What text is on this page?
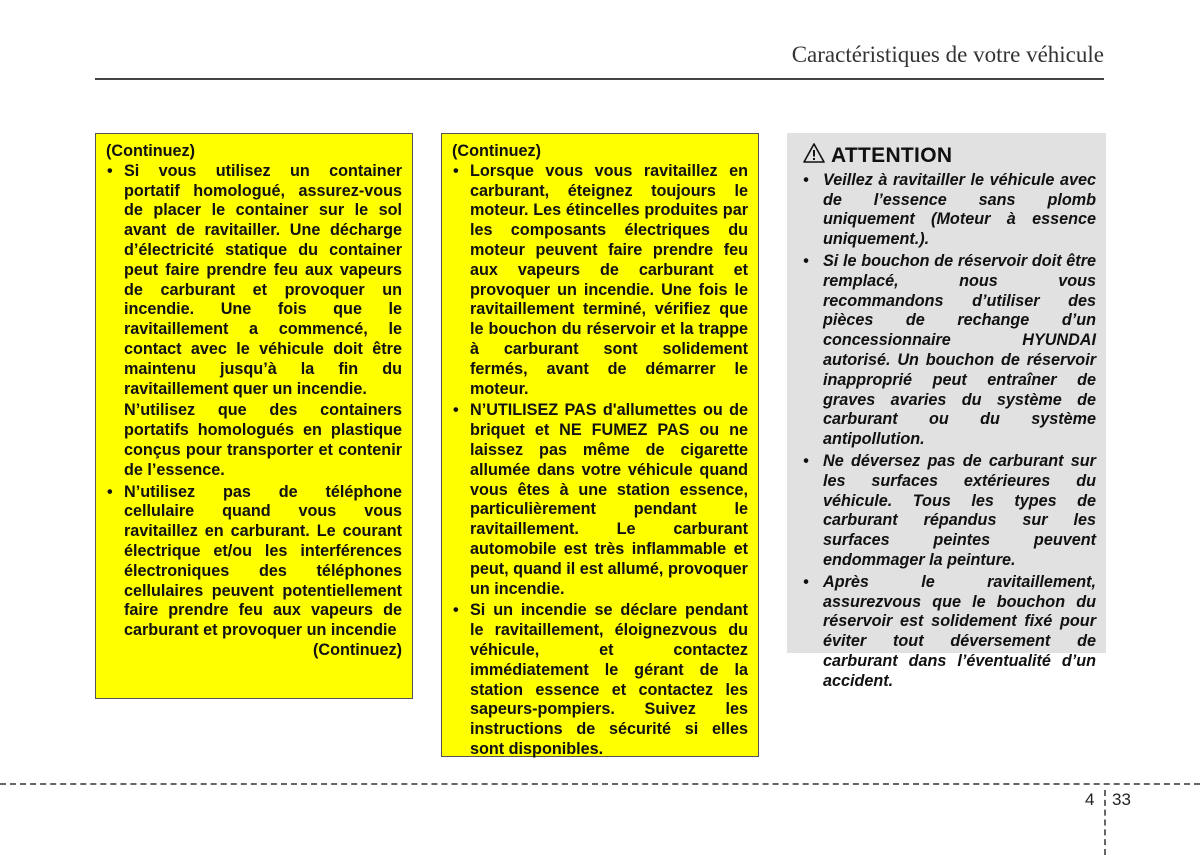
Caractéristiques de votre véhicule
(Continuez)
• Si vous utilisez un container portatif homologué, assurez-vous de placer le container sur le sol avant de ravitailler. Une décharge d’électricité statique du container peut faire prendre feu aux vapeurs de carburant et provoquer un incendie. Une fois que le ravitaillement a commencé, le contact avec le véhicule doit être maintenu jusqu’à la fin du ravitaillement quer un incendie.
N’utilisez que des containers portatifs homologués en plastique conçus pour transporter et contenir de l’essence.
• N’utilisez pas de téléphone cellulaire quand vous vous ravitaillez en carburant. Le courant électrique et/ou les interférences électroniques des téléphones cellulaires peuvent potentiellement faire prendre feu aux vapeurs de carburant et provoquer un incendie
(Continuez)
(Continuez)
• Lorsque vous vous ravitaillez en carburant, éteignez toujours le moteur. Les étincelles produites par les composants électriques du moteur peuvent faire prendre feu aux vapeurs de carburant et provoquer un incendie. Une fois le ravitaillement terminé, vérifiez que le bouchon du réservoir et la trappe à carburant sont solidement fermés, avant de démarrer le moteur.
• N’UTILISEZ PAS d'allumettes ou de briquet et NE FUMEZ PAS ou ne laissez pas même de cigarette allumée dans votre véhicule quand vous êtes à une station essence, particulièrement pendant le ravitaillement. Le carburant automobile est très inflammable et peut, quand il est allumé, provoquer un incendie.
• Si un incendie se déclare pendant le ravitaillement, éloignezvous du véhicule, et contactez immédiatement le gérant de la station essence et contactez les sapeurs-pompiers. Suivez les instructions de sécurité si elles sont disponibles.
ATTENTION
• Veillez à ravitailler le véhicule avec de l’essence sans plomb uniquement (Moteur à essence uniquement.).
• Si le bouchon de réservoir doit être remplacé, nous vous recommandons d’utiliser des pièces de rechange d’un concessionnaire HYUNDAI autorisé. Un bouchon de réservoir inapproprié peut entraîner de graves avaries du système de carburant ou du système antipollution.
• Ne déversez pas de carburant sur les surfaces extérieures du véhicule. Tous les types de carburant répandus sur les surfaces peintes peuvent endommager la peinture.
• Après le ravitaillement, assurezvous que le bouchon du réservoir est solidement fixé pour éviter tout déversement de carburant dans l’éventualité d’un accident.
4 33
